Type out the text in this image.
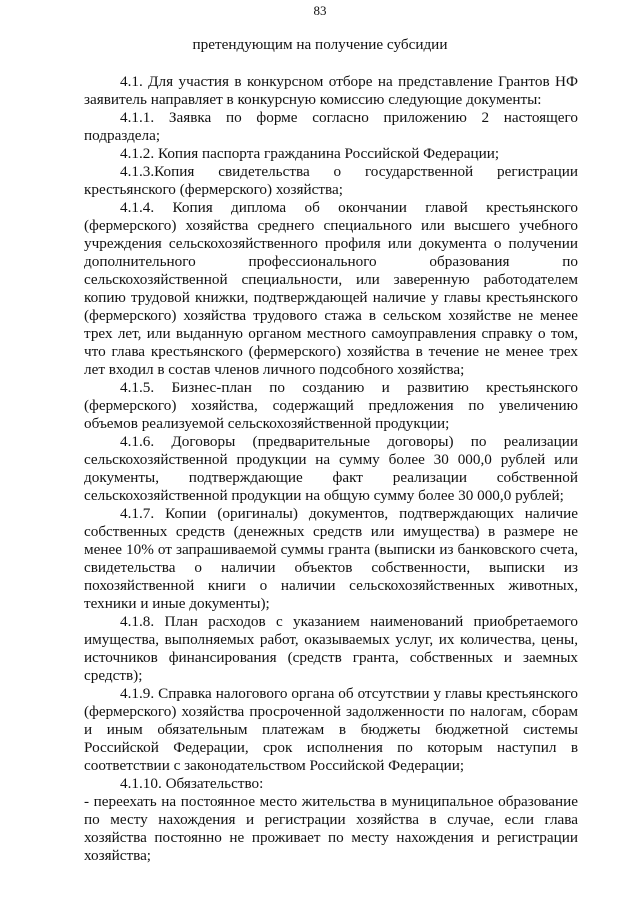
83
претендующим на получение субсидии

4.1. Для участия в конкурсном отборе на представление Грантов НФ заявитель направляет в конкурсную комиссию следующие документы:

4.1.1. Заявка по форме согласно приложению 2 настоящего подраздела;

4.1.2. Копия паспорта гражданина Российской Федерации;

4.1.3.Копия свидетельства о государственной регистрации крестьянского (фермерского) хозяйства;

4.1.4. Копия диплома об окончании главой крестьянского (фермерского) хозяйства среднего специального или высшего учебного учреждения сельскохозяйственного профиля или документа о получении дополнительного профессионального образования по сельскохозяйственной специальности, или заверенную работодателем копию трудовой книжки, подтверждающей наличие у главы крестьянского (фермерского) хозяйства трудового стажа в сельском хозяйстве не менее трех лет, или выданную органом местного самоуправления справку о том, что глава крестьянского (фермерского) хозяйства в течение не менее трех лет входил в состав членов личного подсобного хозяйства;

4.1.5. Бизнес-план по созданию и развитию крестьянского (фермерского) хозяйства, содержащий предложения по увеличению объемов реализуемой сельскохозяйственной продукции;

4.1.6. Договоры (предварительные договоры) по реализации сельскохозяйственной продукции на сумму более 30 000,0 рублей или документы, подтверждающие факт реализации собственной сельскохозяйственной продукции на общую сумму более 30 000,0 рублей;

4.1.7. Копии (оригиналы) документов, подтверждающих наличие собственных средств (денежных средств или имущества) в размере не менее 10% от запрашиваемой суммы гранта (выписки из банковского счета, свидетельства о наличии объектов собственности, выписки из похозяйственной книги о наличии сельскохозяйственных животных, техники и иные документы);

4.1.8. План расходов с указанием наименований приобретаемого имущества, выполняемых работ, оказываемых услуг, их количества, цены, источников финансирования (средств гранта, собственных и заемных средств);

4.1.9. Справка налогового органа об отсутствии у главы крестьянского (фермерского) хозяйства просроченной задолженности по налогам, сборам и иным обязательным платежам в бюджеты бюджетной системы Российской Федерации, срок исполнения по которым наступил в соответствии с законодательством Российской Федерации;

4.1.10. Обязательство:

- переехать на постоянное место жительства в муниципальное образование по месту нахождения и регистрации хозяйства в случае, если глава хозяйства постоянно не проживает по месту нахождения и регистрации хозяйства;
